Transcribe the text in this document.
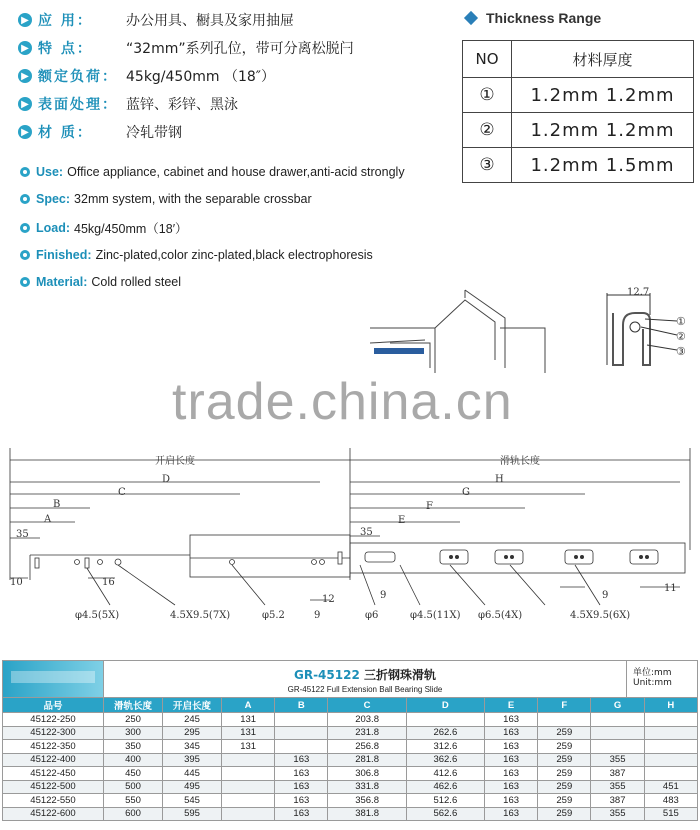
▶ 应 用：	办公用具、橱具及家用抽屉
▶ 特 点：	“32mm”系列孔位，带可分离松脱闩
▶ 额定负荷： 45kg/450mm （18″）
▶ 表面处理： 蓝锌、彩锌、黑泳
▶ 材 质：	冷轧带钢
Use: Office appliance, cabinet and house drawer,anti-acid strongly
Spec: 32mm system, with the separable crossbar
Load: 45kg/450mm（18′）
Finished: Zinc-plated,color zinc-plated,black electrophoresis
Material: Cold rolled steel
Thickness Range
NO	材料厚度
①	1.2mm 1.2mm
②	1.2mm 1.2mm
③	1.2mm 1.5mm
12.7
①
②
③
trade.china.cn
开启长度	滑轨长度
D
C
B
A
35
10	16
H
G
F
E
35
12
9
9	9
11
φ4.5(5X)	4.5X9.5(7X)	φ5.2	φ6	φ4.5(11X) φ6.5(4X)	4.5X9.5(6X)
GR-45122 三折钢珠滑轨
GR-45122 Full Extension Ball Bearing Slide
单位:mm
Unit:mm
品号	滑轨长度	开启长度	A	B	C	D	E	F	G	H
45122-250	250	245	131		203.8		163			
45122-300	300	295	131		231.8	262.6	163	259		
45122-350	350	345	131		256.8	312.6	163	259		
45122-400	400	395		163	281.8	362.6	163	259	355	
45122-450	450	445		163	306.8	412.6	163	259	387	
45122-500	500	495		163	331.8	462.6	163	259	355	451
45122-550	550	545		163	356.8	512.6	163	259	387	483
45122-600	600	595		163	381.8	562.6	163	259	355	515
